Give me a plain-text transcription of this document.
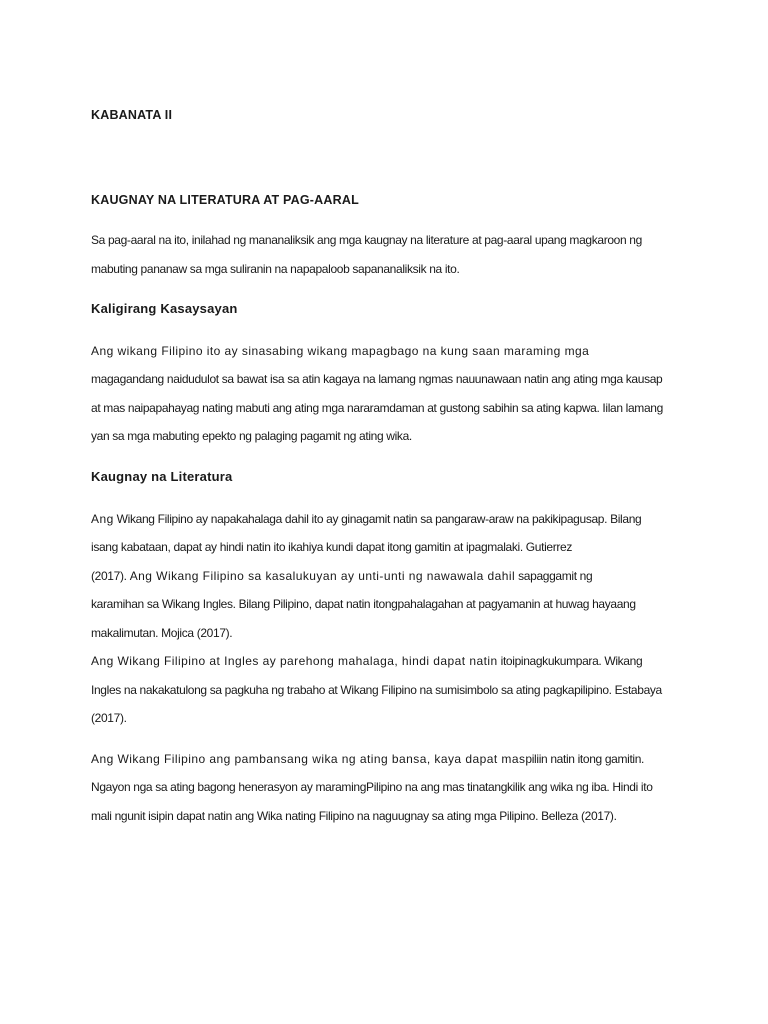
KABANATA II
KAUGNAY NA LITERATURA AT PAG-AARAL
Sa pag-aaral na ito, inilahad ng mananaliksik ang mga kaugnay na literature at pag-aaral upang magkaroon ng
mabuting pananaw sa mga suliranin na napapaloob sapananaliksik na ito.
Kaligirang Kasaysayan
Ang wikang Filipino ito ay sinasabing wikang mapagbago na kung saan maraming mga
magagandang naidudulot sa bawat isa sa atin kagaya na lamang ngmas nauunawaan natin ang ating mga kausap
at mas naipapahayag nating mabuti ang ating mga nararamdaman at gustong sabihin sa ating kapwa. Iilan lamang
yan sa mga mabuting epekto ng palaging pagamit ng ating wika.
Kaugnay na Literatura
Ang Wikang Filipino ay napakahalaga dahil ito ay ginagamit natin sa pangaraw-araw na pakikipagusap. Bilang
isang kabataan, dapat ay hindi natin ito ikahiya kundi dapat itong gamitin at ipagmalaki. Gutierrez
(2017). Ang Wikang Filipino sa kasalukuyan ay unti-unti ng nawawala dahil sapaggamit ng
karamihan sa Wikang Ingles. Bilang Pilipino, dapat natin itongpahalagahan at pagyamanin at huwag hayaang
makalimutan. Mojica (2017).
Ang Wikang Filipino at Ingles ay parehong mahalaga, hindi dapat natin itoipinagkukumpara. Wikang
Ingles na nakakatulong sa pagkuha ng trabaho at Wikang Filipino na sumisimbolo sa ating pagkapilipino. Estabaya
(2017).
Ang Wikang Filipino ang pambansang wika ng ating bansa, kaya dapat maspiliin natin itong gamitin.
Ngayon nga sa ating bagong henerasyon ay maramingPilipino na ang mas tinatangkilik ang wika ng iba. Hindi ito
mali ngunit isipin dapat natin ang Wika nating Filipino na naguugnay sa ating mga Pilipino. Belleza (2017).
